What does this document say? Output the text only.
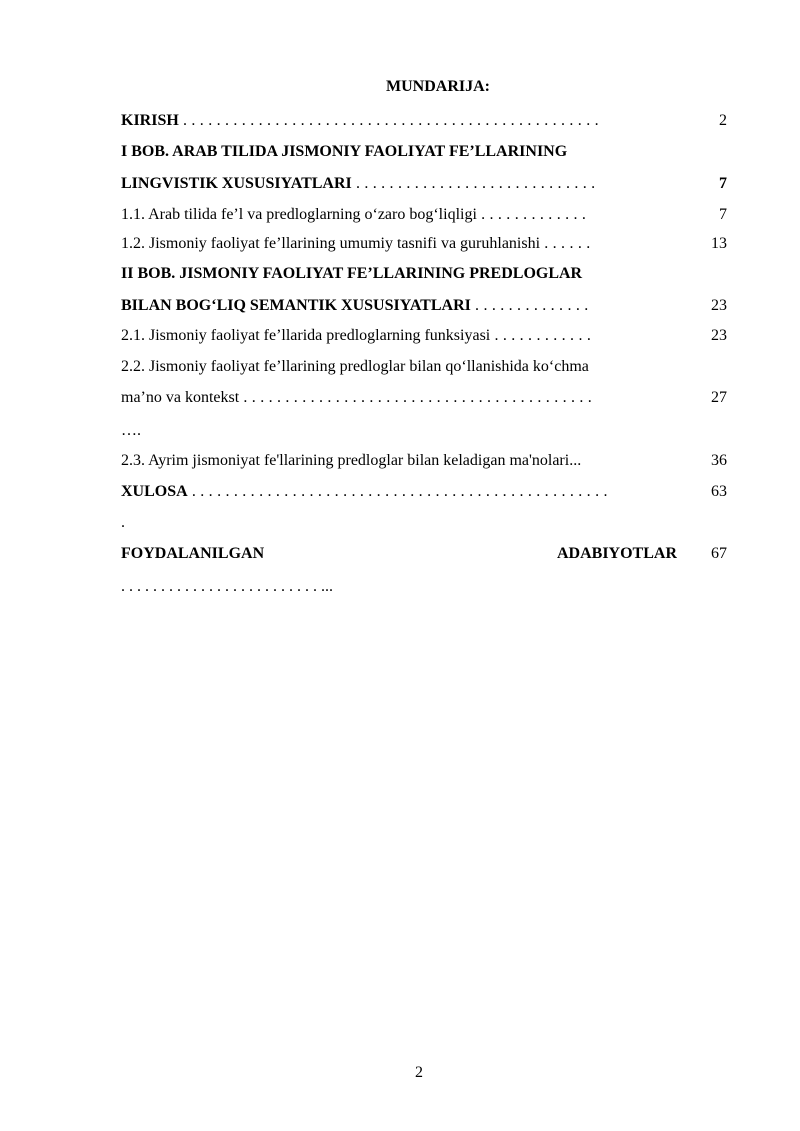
MUNDARIJA:
KIRISH . . . . . . . . . . . . . . . . . . . . . . . . . . . . . . . . . . . . . . . . . . . . . . . . . .	2
I BOB. ARAB TILIDA JISMONIY FAOLIYAT FE’LLARINING
LINGVISTIK XUSUSIYATLARI . . . . . . . . . . . . . . . . . . . . . . . . . . . . .	7
1.1. Arab tilida fe’l va predloglarning o‘zaro bog‘liqligi . . . . . . . . . . . . .	7
1.2. Jismoniy faoliyat fe’llarining umumiy tasnifi va guruhlanishi . . . . . .	13
II BOB. JISMONIY FAOLIYAT FE’LLARINING PREDLOGLAR
BILAN BOG‘LIQ SEMANTIK XUSUSIYATLARI . . . . . . . . . . . . . .	23
2.1. Jismoniy faoliyat fe’llarida predloglarning funksiyasi . . . . . . . . . . . .	23
2.2. Jismoniy faoliyat fe’llarining predloglar bilan qo‘llanishida ko‘chma
ma’no va kontekst . . . . . . . . . . . . . . . . . . . . . . . . . . . . . . . . . . . . . . . . . .	27
….
2.3. Ayrim jismoniyat fe'llarining predloglar bilan keladigan ma'nolari...	36
XULOSA . . . . . . . . . . . . . . . . . . . . . . . . . . . . . . . . . . . . . . . . . . . . . . . . . .	63
.
FOYDALANILGAN	ADABIYOTLAR	67
. . . . . . . . . . . . . . . . . . . . . . . . . ...
2
